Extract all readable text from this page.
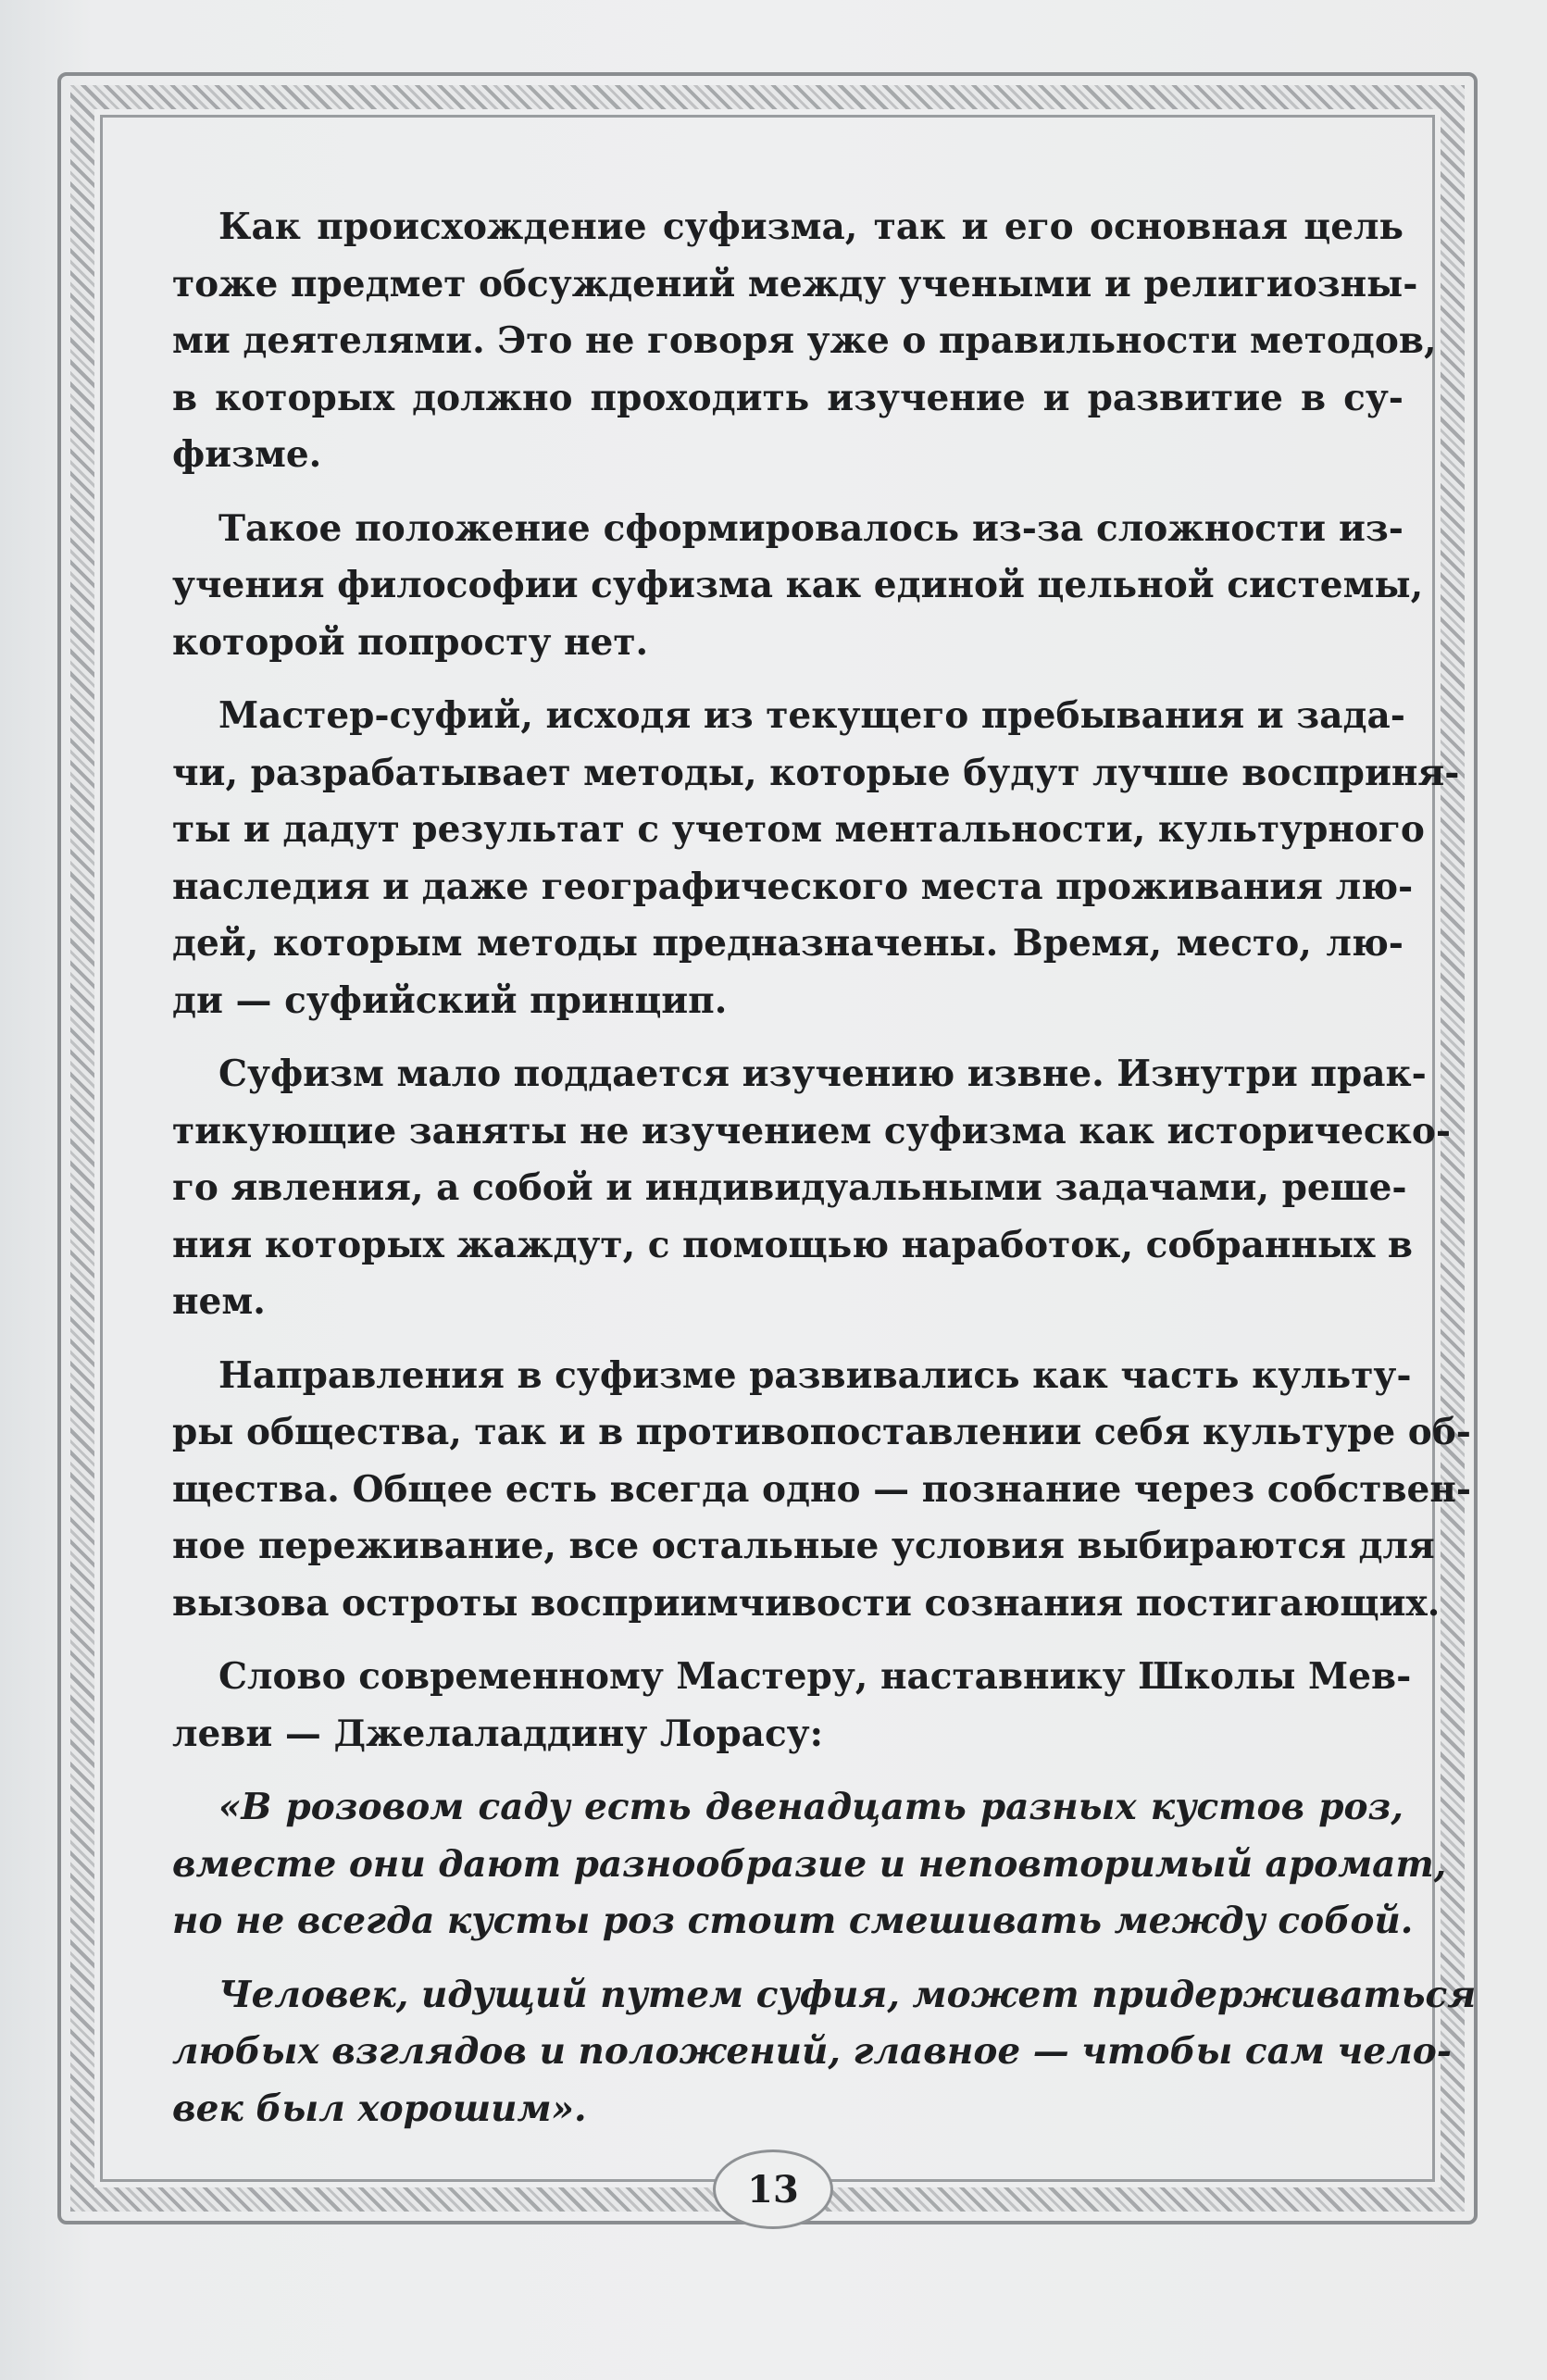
Как происхождение суфизма, так и его основная цель
тоже предмет обсуждений между учеными и религиозны-
ми деятелями. Это не говоря уже о правильности методов,
в которых должно проходить изучение и развитие в су-
физме.
Такое положение сформировалось из-за сложности из-
учения философии суфизма как единой цельной системы,
которой попросту нет.
Мастер-суфий, исходя из текущего пребывания и зада-
чи, разрабатывает методы, которые будут лучше восприня-
ты и дадут результат с учетом ментальности, культурного
наследия и даже географического места проживания лю-
дей, которым методы предназначены. Время, место, лю-
ди — суфийский принцип.
Суфизм мало поддается изучению извне. Изнутри прак-
тикующие заняты не изучением суфизма как историческо-
го явления, а собой и индивидуальными задачами, реше-
ния которых жаждут, с помощью наработок, собранных в
нем.
Направления в суфизме развивались как часть культу-
ры общества, так и в противопоставлении себя культуре об-
щества. Общее есть всегда одно — познание через собствен-
ное переживание, все остальные условия выбираются для
вызова остроты восприимчивости сознания постигающих.
Слово современному Мастеру, наставнику Школы Мев-
леви — Джелаладдину Лорасу:
«В розовом саду есть двенадцать разных кустов роз,
вместе они дают разнообразие и неповторимый аромат,
но не всегда кусты роз стоит смешивать между собой.
Человек, идущий путем суфия, может придерживаться
любых взглядов и положений, главное — чтобы сам чело-
век был хорошим».
13
